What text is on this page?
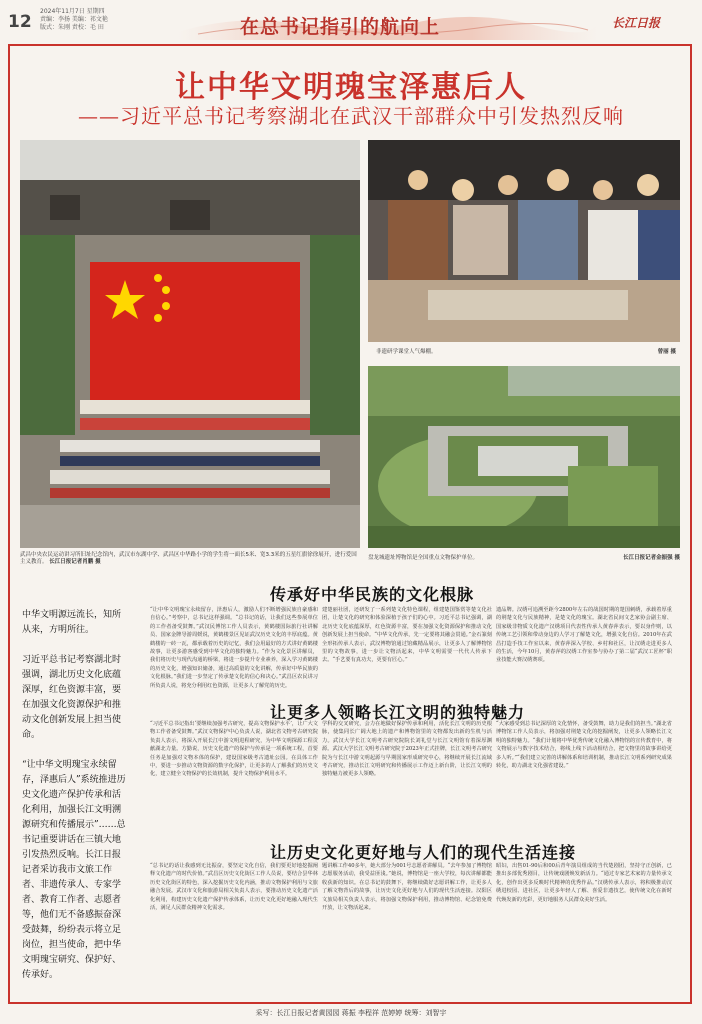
12
2024年11月7日 星期四
责编：李扬 美编：祁文艳
版式：朱刚 责校：毛 田	在总书记指引的航向上	长江日报
让中华文明瑰宝泽惠后人
——习近平总书记考察湖北在武汉干部群众中引发热烈反响
武昌中央农民运动讲习所旧址纪念馆内，武汉市东湖中学、武昌区中华路小学的学生将一面长5米、宽3.3米的五星红旗徐徐展开，进行爱国主义教育。 长江日报记者肖鹏 摄
非遗研学课堂人气爆棚。	曾丽 摄
盘龙城遗址博物馆是全国重点文物保护单位。	长江日报记者金振强 摄
中华文明源远流长，知所从来，方明所往。

习近平总书记考察湖北时强调，湖北历史文化底蕴深厚，红色资源丰富，要在加强文化资源保护和推动文化创新发展上担当使命。

“让中华文明瑰宝永续留存，泽惠后人”系统推进历史文化遗产保护传承和活化利用，加强长江文明溯源研究和传播展示”……总书记重要讲话在三镇大地引发热烈反响。长江日报记者采访我市文旅工作者、非遗传承人、专家学者、教育工作者、志愿者等，他们无不备感振奋深受鼓舞，纷纷表示将立足岗位，担当使命，把中华文明瑰宝研究、保护好、传承好。
传承好中华民族的文化根脉
“让中华文明瑰宝永续留存，泽惠后人，激励人们不断增强民族自豪感和自信心。”考察中，总书记这样强调。“总书记的话，让我们这些参展单位的工作者备受鼓舞。”武汉民博馆工作人员表示，黄鹤楼国际旅行社讲解员、国家金牌导游周媛说，黄鹤楼景区见证武汉历史文化的丰厚底蕴。黄鹤楼的一砖一瓦，都承载着历史的记忆，我们会用最好的方式讲好黄鹤楼故事，让更多游客感受到中华文化的独特魅力。“作为文化景区讲解员，我们将历史与现代沟通的桥梁，将进一步提升专业素养，深入学习黄鹤楼的历史文化，增强知识储备，通过高质量的文化讲解，传承好中华民族的文化根脉。”我们进一步坚定了传承楚文化的信心和决心。”武昌区农民讲习所负责人说，将充分利用红色资源，让更多人了解党的历史。
建楚丽社团，还研发了一系列楚文化特色课程，组建楚国鉴赏等楚文化社团，让楚文化的研究和体验深植于孩子们的心中。习近平总书记强调，湖北历史文化底蕴深厚，红色资源丰富，要在加强文化资源保护和推动文化创新发展上担当使命。“中华文化传承，先一定要将其融会贯通。”金石篆刻全形拓传承人表示，武汉博物馆通过馆藏精品展示，让更多人了解博物馆里的文物故事，进一步让文物活起来，中华文明需要一代代人传承下去。“手艺要有真功夫，更要有匠心。”
遗品牌。汉绣可追溯至距今2800年左右的战国时期的楚国刺绣，承载着厚重的荆楚文化与民族精神，是楚文化的瑰宝。湖北省民间文艺家协会副主席、国家级非物质文化遗产汉绣项目代表性传承人黄春萍表示，要以身作则，以传统工艺引领和带动身边的人学习了解楚文化，增强文化自信。2010年在武昌打造手技工作室以来，黄春萍深入学校、乡村和社区，让汉绣走进更多人的生活，今年10月，黄春萍的汉绣工作室参与协办了第二届“武汉工匠杯”职业技能大赛汉绣赛项。
让更多人领略长江文明的独特魅力
“习近平总书记指出‘要继续加强考古研究，提高文物保护水平’，让广大文物工作者备受鼓舞。”武汉文物保护中心负责人说，湖北省文物考古研究院负责人表示，将深入开展长江中游文明进程研究，为中华文明探源工程贡献湖北力量。方勤说，历史文化遗产的保护与传承是一项系统工程，首要任务是加强对文物本体的保护，建设国家级考古遗址公园。在具体工作中，要进一步推动文物资源的数字化保护，让更多的人了解我们的历史文化，建立健全文物保护的长效机制，提升文物保护利用水平。
学科的交叉研究，会力在地做好保护传承和利用，活化长江文明的历史根脉，使集同长广阔大地上的遗产和博物馆里的文物都发出新的生机与活力。武汉大学长江文明考古研究院院长刘礼堂与长江文明馆有着深厚渊源。武汉大学长江文明考古研究院于2023年正式挂牌，长江文明考古研究院为与长江中游文明起源与早期国家形成研究中心，将继续开展长江流域考古研究，推动长江文明研究和传播展示工作迈上新台阶，让长江文明的独特魅力被更多人领略。
“大家感受到总书记深厚的文化情怀，备受鼓舞，助力是我们的担当。”湖北省博物馆工作人员表示，将加强对荆楚文化的挖掘阐发，让更多人领略长江文明的独特魅力。“我们计划将中华优秀传统文化融入博物馆的宣传教育中，将文物展示与数字技术结合，将线上线下活动相结合，把文物里的故事讲给更多人听。”“我们建立完善的讲解体系和培训机制，推动长江文明系列研究成果转化，助力湖北文化强省建设。”
让历史文化更好地与人们的现代生活连接
“总书记的话让我感到无比振奋，要坚定文化自信，我们要更好地挖掘阐释文化遗产的时代价值。”武昌区历史文化街区工作人员说，要结合昙华林历史文化街区的特色，深入挖掘历史文化内涵，推动文物保护利用与文旅融合发展。武汉市文化和旅游局相关负责人表示，要推动历史文化遗产活化利用，构建历史文化遗产保护传承体系，让历史文化更好地融入现代生活，满足人民群众精神文化需求。
题讲解工作40多年，她大部分为001号志愿者讲解员。“去年参加了博物馆志愿服务活动，我受益匪浅。”她说，博物馆是一座大学校，每次讲解都能收获新的知识。在总书记的鼓舞下，将继续做好志愿讲解工作，让更多人了解文物背后的故事，让历史文化更好地与人们的现代生活连接。汉阳区文旅局相关负责人表示，将加强文物保护利用，推动博物馆、纪念馆免费开放，让文物活起来。
昭妇，出售01-90后和00后青年演员组成的当代楚剧团，坚持守正创新，已推出多部优秀剧目，让传统戏剧焕发新活力。“通过专家艺术家的力量传承文化，创作出更多反映时代精神的优秀作品。”汉绣传承人表示，将积极推动汉绣进校园、进社区，让更多年轻人了解、喜爱非遗技艺，使传统文化在新时代焕发新的光彩，更好地服务人民群众美好生活。
采写：长江日报记者黄园园 蒋振 李程祥 范婷婷 统筹：刘智宇
